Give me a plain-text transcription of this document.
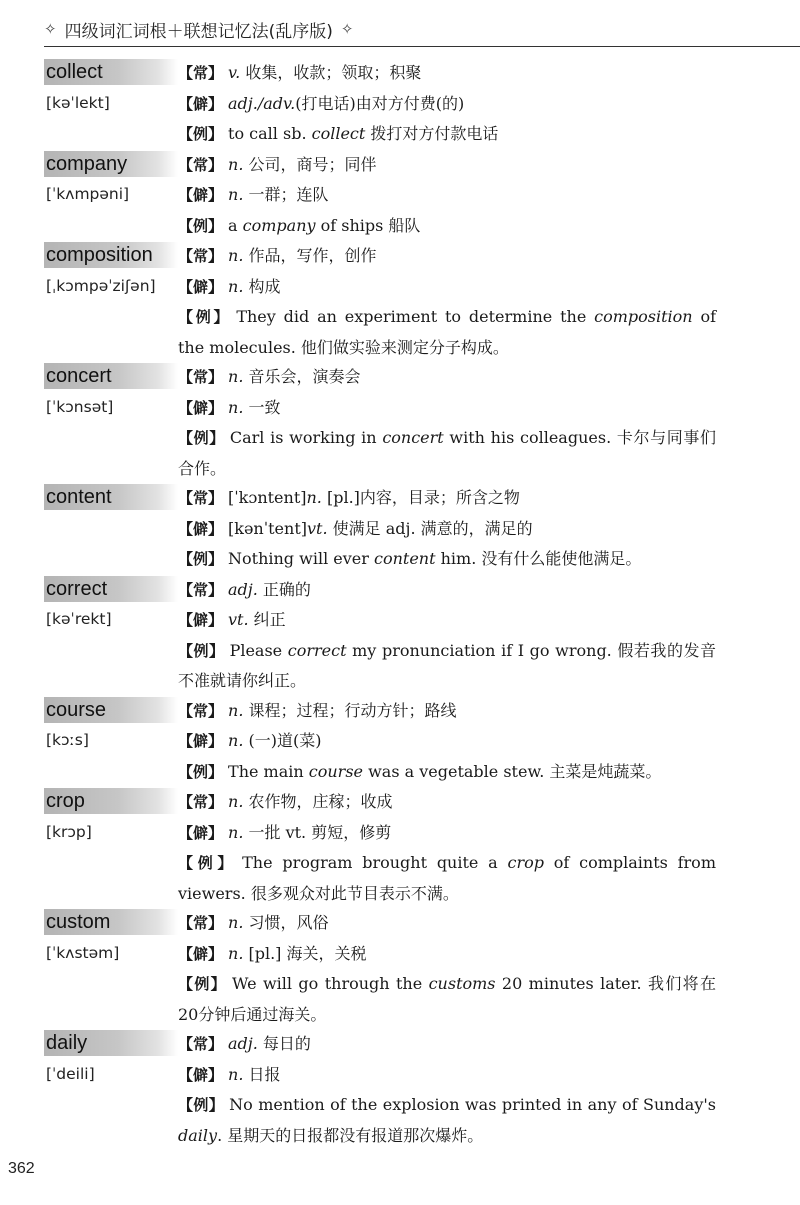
✧ 四级词汇词根＋联想记忆法(乱序版) ✧
collect	【常】 v. 收集，收款；领取；积聚
[kəˈlekt]	【僻】 adj./adv.(打电话)由对方付费(的)
【例】 to call sb. collect 拨打对方付款电话
company	【常】 n. 公司，商号；同伴
[ˈkʌmpəni]	【僻】 n. 一群；连队
【例】 a company of ships 船队
composition	【常】 n. 作品，写作，创作
[ˌkɔmpəˈziʃən]	【僻】 n. 构成
【例】 They did an experiment to determine the composition of the molecules. 他们做实验来测定分子构成。
concert	【常】 n. 音乐会，演奏会
[ˈkɔnsət]	【僻】 n. 一致
【例】 Carl is working in concert with his colleagues. 卡尔与同事们合作。
content	【常】 [ˈkɔntent]n. [pl.]内容，目录；所含之物
【僻】 [kənˈtent]vt. 使满足 adj. 满意的，满足的
【例】 Nothing will ever content him. 没有什么能使他满足。
correct	【常】 adj. 正确的
[kəˈrekt]	【僻】 vt. 纠正
【例】 Please correct my pronunciation if I go wrong. 假若我的发音不准就请你纠正。
course	【常】 n. 课程；过程；行动方针；路线
[kɔːs]	【僻】 n. (一)道(菜)
【例】 The main course was a vegetable stew. 主菜是炖蔬菜。
crop	【常】 n. 农作物，庄稼；收成
[krɔp]	【僻】 n. 一批 vt. 剪短，修剪
【例】 The program brought quite a crop of complaints from viewers. 很多观众对此节目表示不满。
custom	【常】 n. 习惯，风俗
[ˈkʌstəm]	【僻】 n. [pl.] 海关，关税
【例】 We will go through the customs 20 minutes later. 我们将在20分钟后通过海关。
daily	【常】 adj. 每日的
[ˈdeili]	【僻】 n. 日报
【例】 No mention of the explosion was printed in any of Sunday's daily. 星期天的日报都没有报道那次爆炸。
362
